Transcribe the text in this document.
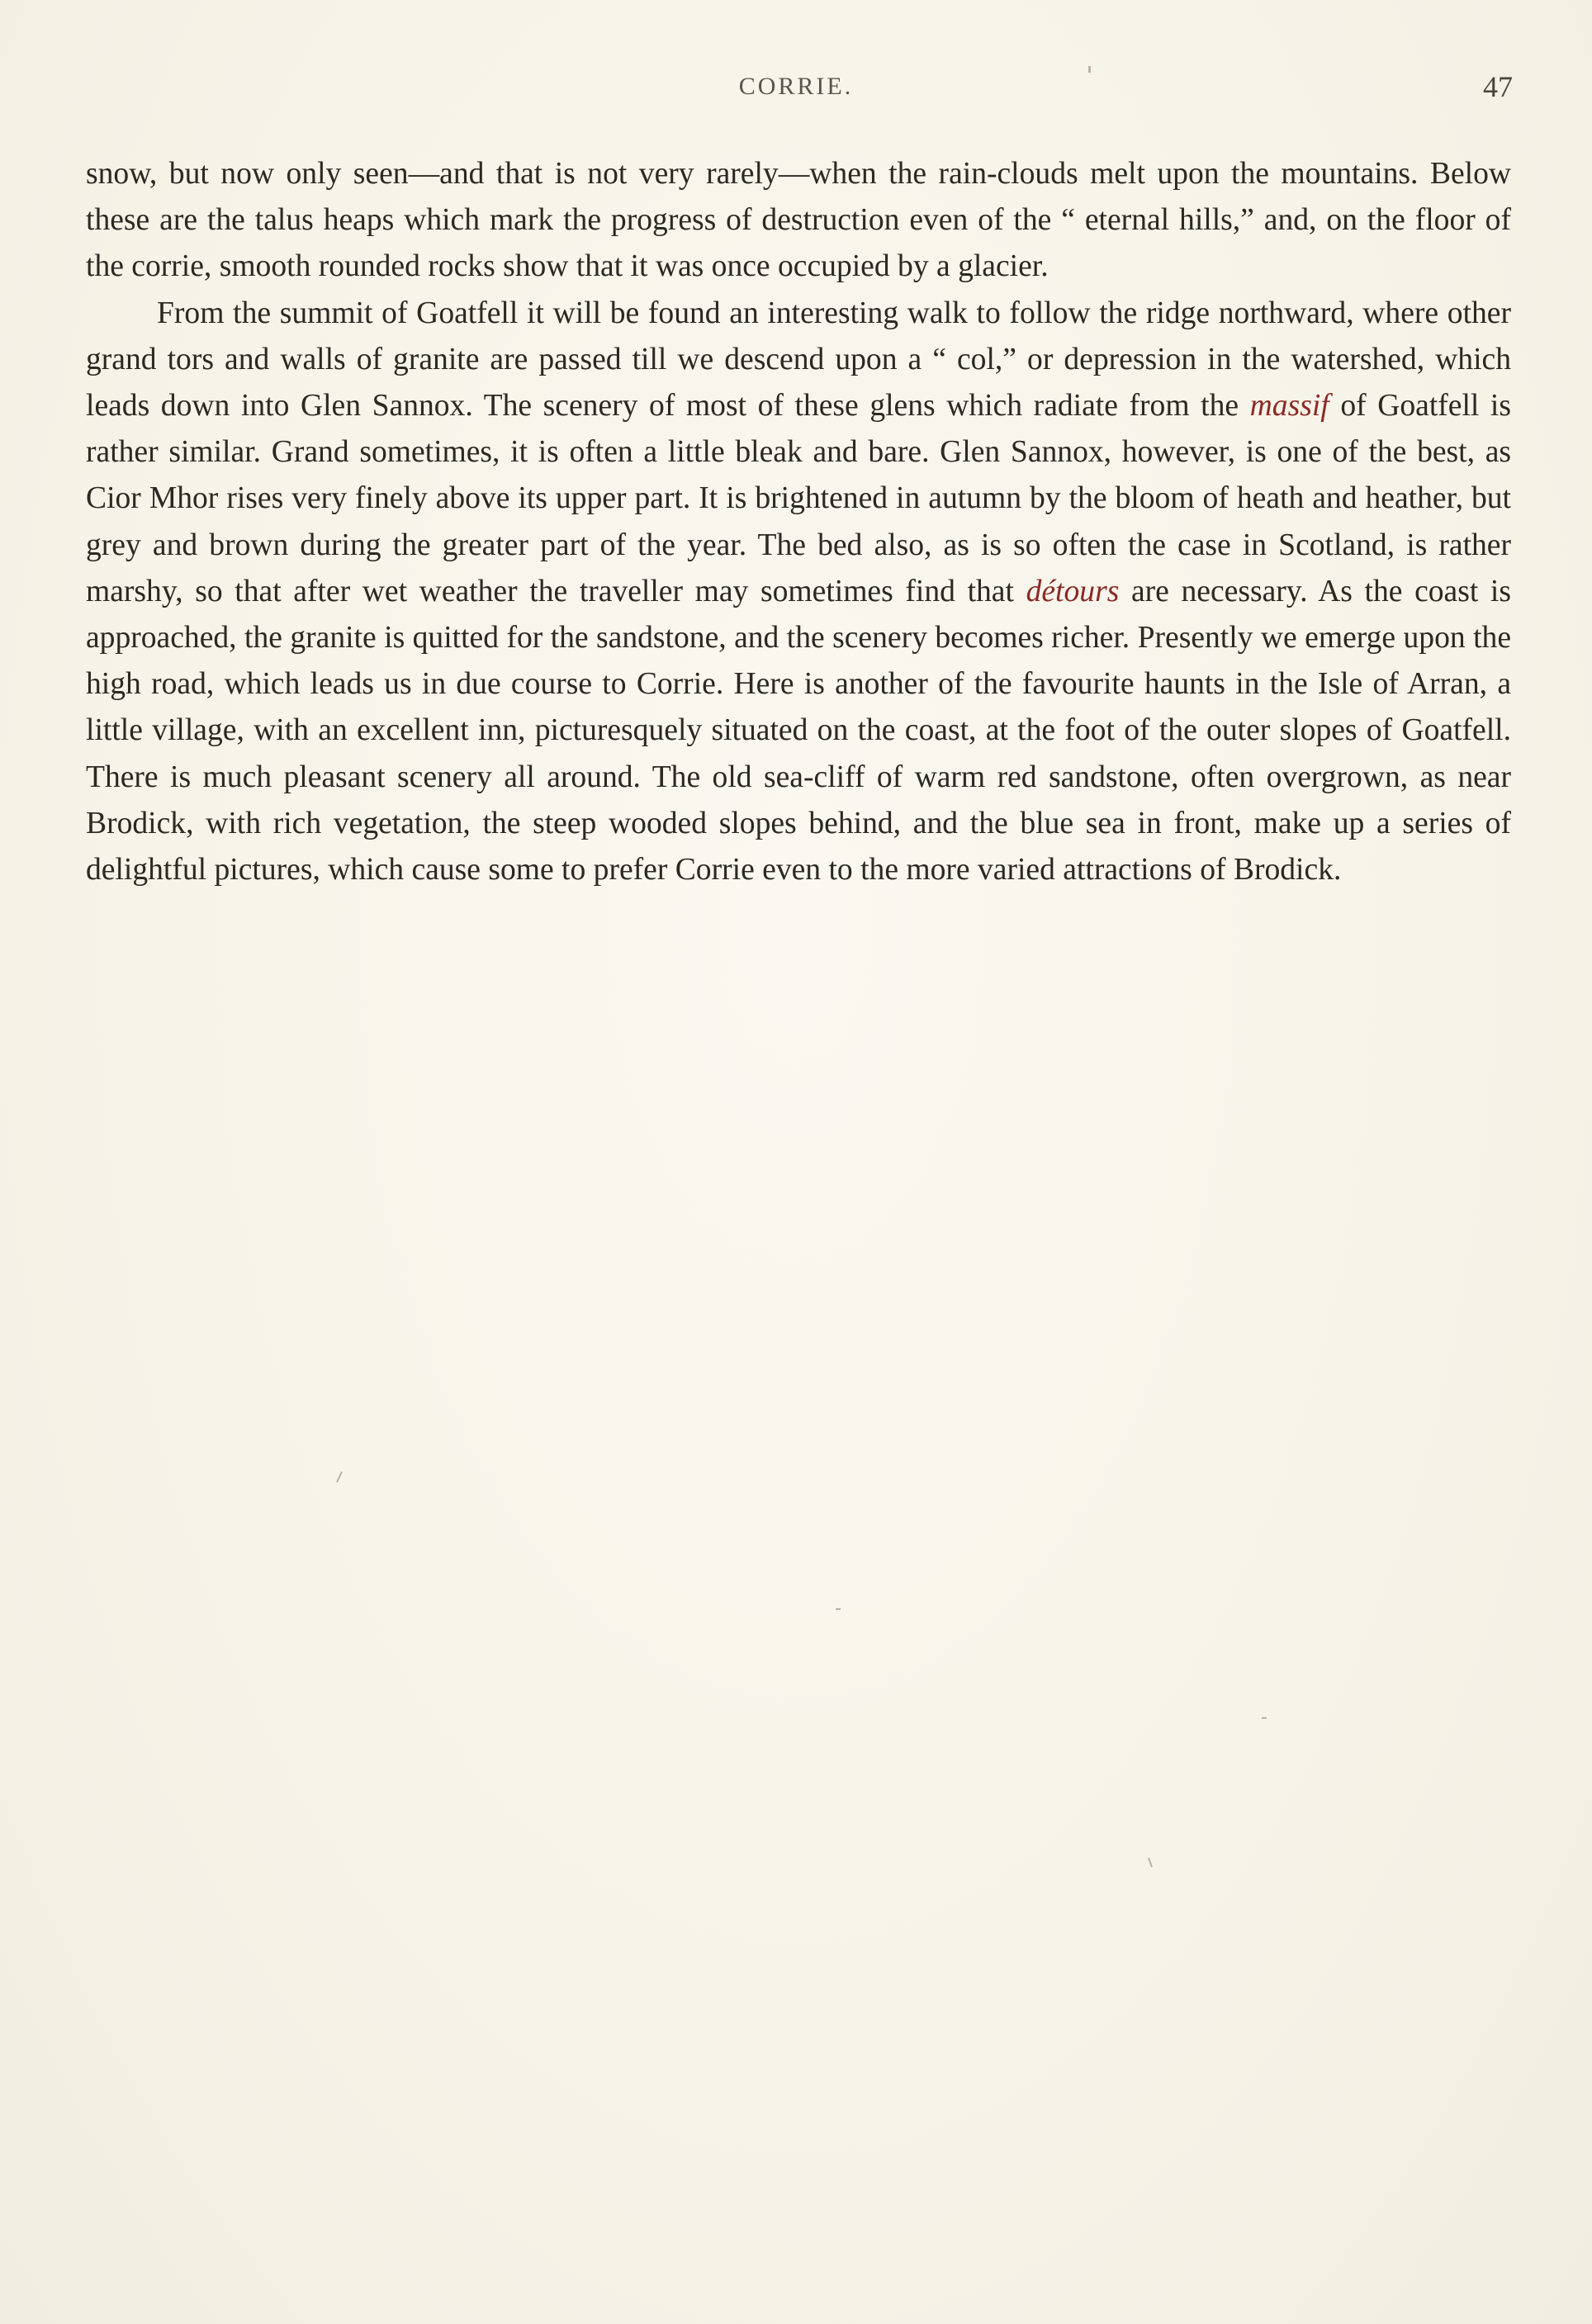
CORRIE.	47

snow, but now only seen—and that is not very rarely—when the rain-clouds melt upon the mountains. Below these are the talus heaps which mark the progress of destruction even of the “ eternal hills,” and, on the floor of the corrie, smooth rounded rocks show that it was once occupied by a glacier.

From the summit of Goatfell it will be found an interesting walk to follow the ridge northward, where other grand tors and walls of granite are passed till we descend upon a “ col,” or depression in the watershed, which leads down into Glen Sannox. The scenery of most of these glens which radiate from the massif of Goatfell is rather similar. Grand sometimes, it is often a little bleak and bare. Glen Sannox, however, is one of the best, as Cior Mhor rises very finely above its upper part. It is brightened in autumn by the bloom of heath and heather, but grey and brown during the greater part of the year. The bed also, as is so often the case in Scotland, is rather marshy, so that after wet weather the traveller may sometimes find that détours are necessary. As the coast is approached, the granite is quitted for the sandstone, and the scenery becomes richer. Presently we emerge upon the high road, which leads us in due course to Corrie. Here is another of the favourite haunts in the Isle of Arran, a little village, with an excellent inn, picturesquely situated on the coast, at the foot of the outer slopes of Goatfell. There is much pleasant scenery all around. The old sea-cliff of warm red sandstone, often overgrown, as near Brodick, with rich vegetation, the steep wooded slopes behind, and the blue sea in front, make up a series of delightful pictures, which cause some to prefer Corrie even to the more varied attractions of Brodick.
